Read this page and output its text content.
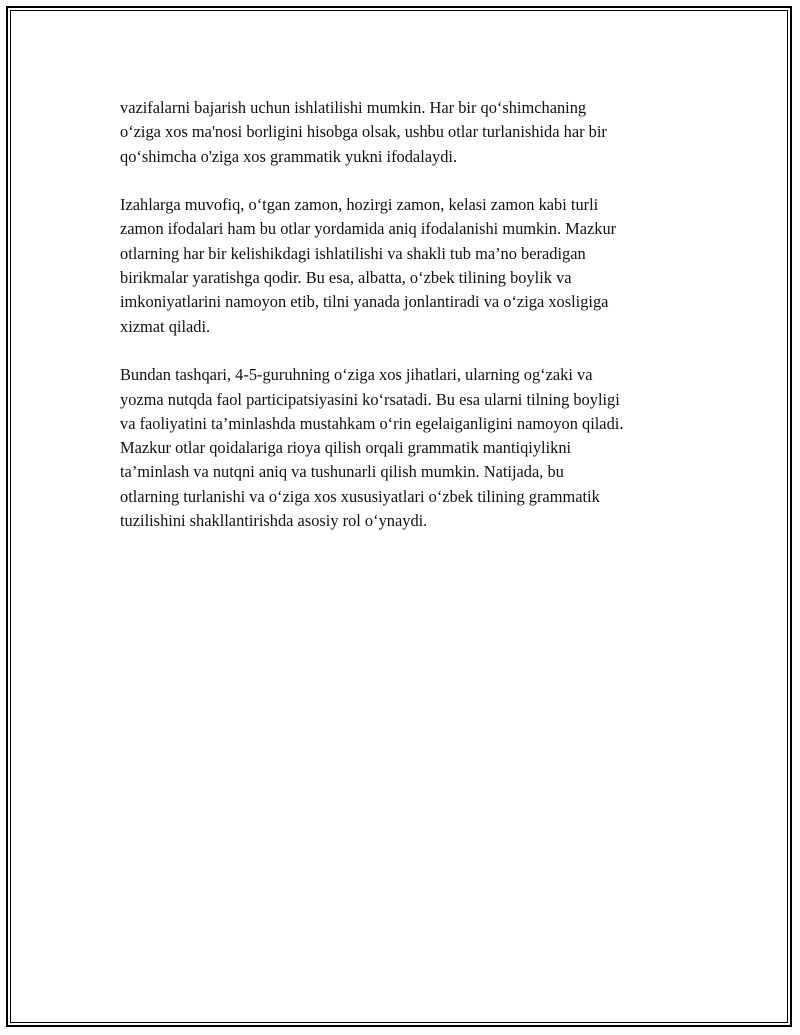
vazifalarni bajarish uchun ishlatilishi mumkin. Har bir qo‘shimchaning
o‘ziga xos ma'nosi borligini hisobga olsak, ushbu otlar turlanishida har bir
qo‘shimcha o'ziga xos grammatik yukni ifodalaydi.

Izahlarga muvofiq, o‘tgan zamon, hozirgi zamon, kelasi zamon kabi turli
zamon ifodalari ham bu otlar yordamida aniq ifodalanishi mumkin. Mazkur
otlarning har bir kelishikdagi ishlatilishi va shakli tub ma’no beradigan
birikmalar yaratishga qodir. Bu esa, albatta, o‘zbek tilining boylik va
imkoniyatlarini namoyon etib, tilni yanada jonlantiradi va o‘ziga xosligiga
xizmat qiladi.

Bundan tashqari, 4-5-guruhning o‘ziga xos jihatlari, ularning og‘zaki va
yozma nutqda faol participatsiyasini ko‘rsatadi. Bu esa ularni tilning boyligi
va faoliyatini ta’minlashda mustahkam o‘rin egelaiganligini namoyon qiladi.
Mazkur otlar qoidalariga rioya qilish orqali grammatik mantiqiylikni
ta’minlash va nutqni aniq va tushunarli qilish mumkin. Natijada, bu
otlarning turlanishi va o‘ziga xos xususiyatlari o‘zbek tilining grammatik
tuzilishini shakllantirishda asosiy rol o‘ynaydi.
